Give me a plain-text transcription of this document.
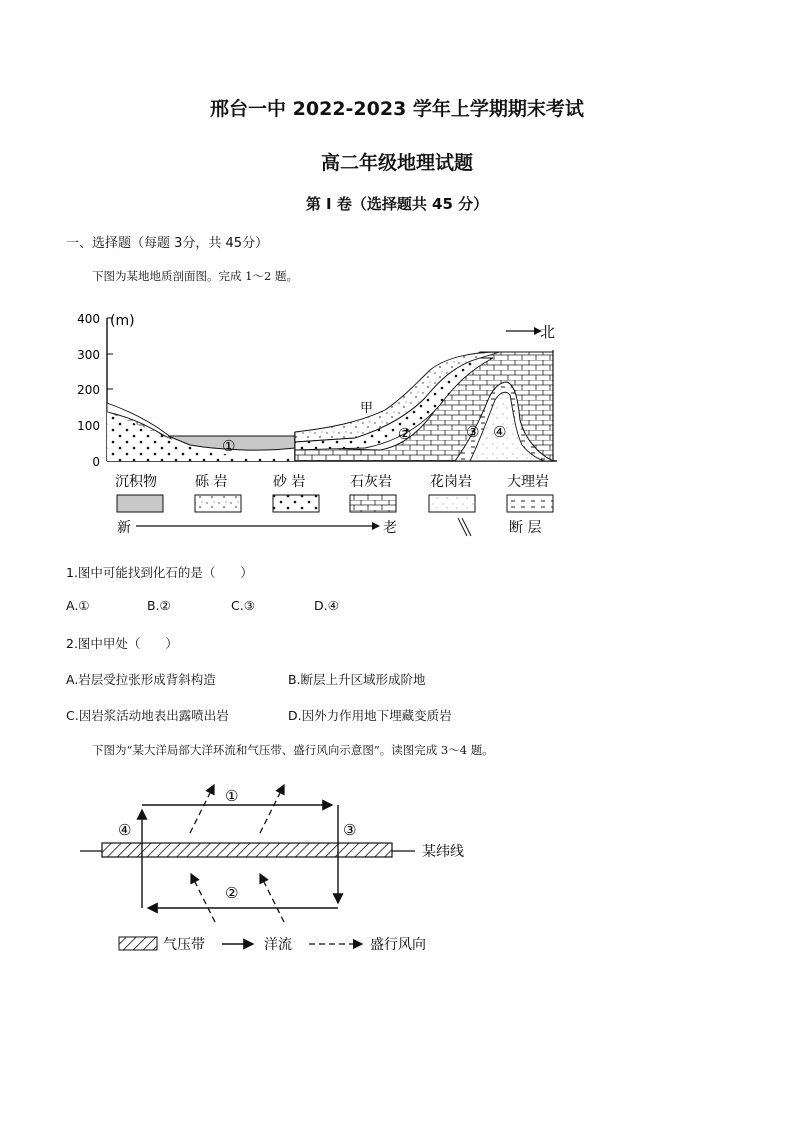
邢台一中 2022-2023 学年上学期期末考试
高二年级地理试题
第 I 卷（选择题共 45 分）
一、选择题（每题 3分，共 45分）
下图为某地地质剖面图。完成 1～2 题。
400
300
200
100
0
(m)
北
①
甲
②	③ ④
沉积物	砾 岩	砂 岩	石灰岩	花岗岩	大理岩
新	老	断 层
1.图中可能找到化石的是（　　）
A.①	B.②	C.③	D.④
2.图中甲处（　　）
A.岩层受拉张形成背斜构造	B.断层上升区域形成阶地
C.因岩浆活动地表出露喷出岩	D.因外力作用地下埋藏变质岩
下图为“某大洋局部大洋环流和气压带、盛行风向示意图”。读图完成 3～4 题。
某纬线
①
②
③
④
气压带	洋流	盛行风向
